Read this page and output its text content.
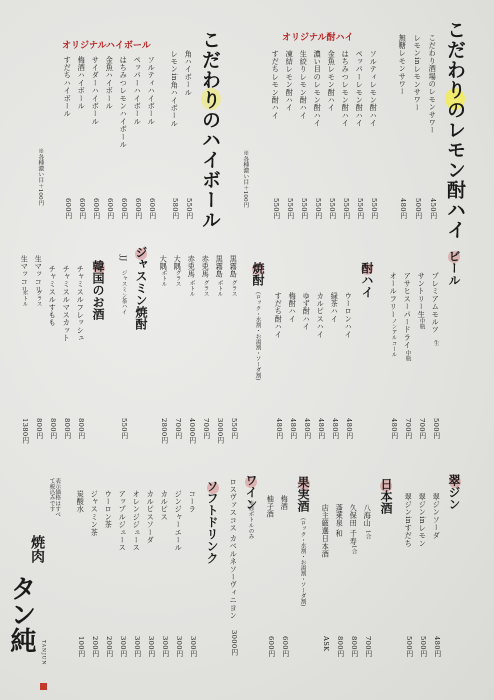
こだわりのレモン酎ハイ
こだわり酒場のレモンサワー
450円
レモンinレモンサワー
500円
無糖レモンサワー
480円
オリジナル酎ハイ
ソルティレモン酎ハイ
550円
ペッパーレモン酎ハイ
550円
はちみつレモン酎ハイ
550円
金魚レモン酎ハイ
550円
濃い目のレモン酎ハイ
550円
生絞りレモン酎ハイ
550円
凍結レモン酎ハイ
550円
すだちレモン酎ハイ
550円
※各種濃い目＋100円
こだわりのハイボール
角ハイボール
550円
レモンin角ハイボール
580円
オリジナルハイボール
ソルティハイボール
600円
ペッパーハイボール
600円
はちみつレモンハイボール
600円
金魚ハイボール
600円
サイダーハイボール
600円
梅酒ハイボール
600円
すだちハイボール
600円
※各種濃い目＋100円
ビール
プレミアムモルツ
生
500円
サントリー生
中瓶
700円
アサヒスーパードライ
中瓶
700円
オールフリー
ノンアルコール
480円
酎ハイ
ウーロンハイ
480円
緑茶ハイ
480円
カルピスハイ
480円
ゆず酎ハイ
480円
梅酎ハイ
480円
すだち酎ハイ
480円
焼酎
(ロック・水割・お湯割・ソーダ割)
黒霧島
グラス
550円
黒霧島
ボトル
3000円
赤兎馬
グラス
700円
赤兎馬
ボトル
4000円
大隅
グラス
700円
大隅
ボトル
2800円
ジャスミン焼酎
JJ
ジャスミン茶ハイ
550円
韓国のお酒
チャミスルフレッシュ
800円
チャミスルマスカット
800円
チャミスルすもも
800円
生マッコリ
グラス
800円
生マッコリ
ボトル
1380円
翠ジン
翠ジンソーダ
480円
翠ジンinレモン
500円
翠ジンinすだち
500円
日本酒
八海山
1合
700円
久保田 千寿
1合
800円
蓬莱泉 和
800円
店主厳選日本酒
ASK
果実酒
(ロック・水割・お湯割・ソーダ割)
梅酒
600円
柚子酒
600円
ワイン
※赤ボトルのみ
ロスヴァスコス カベルネソーヴィニヨン
3000円
ソフトドリンク
コーラ
300円
ジンジャーエール
300円
カルピス
300円
カルピスソーダ
300円
オレンジジュース
300円
アップルジュース
300円
ウーロン茶
200円
ジャスミン茶
200円
炭酸水
100円
表示価格はすべて税込みです
焼肉
タン純 TANJUN
